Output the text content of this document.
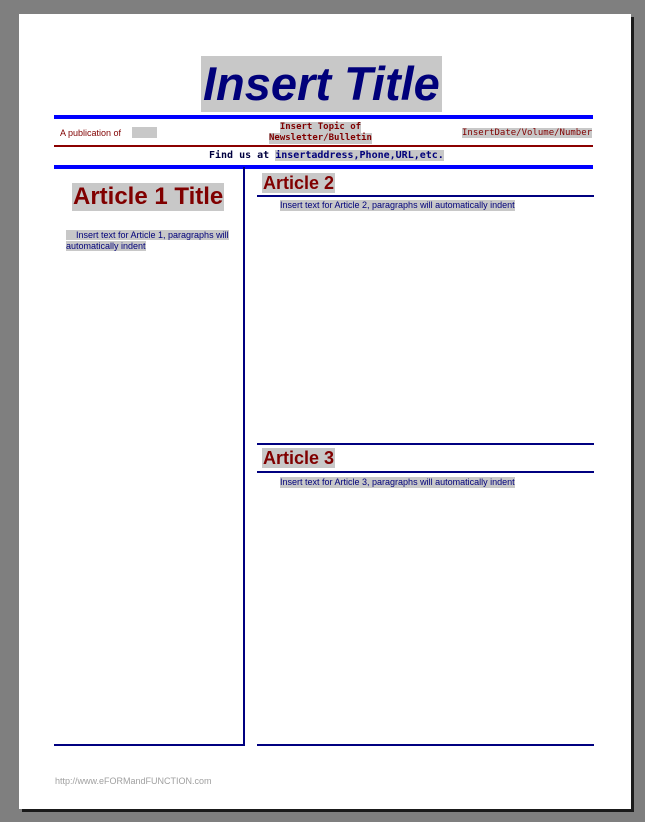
Insert Title
A publication of
Insert Topic of
Newsletter/Bulletin	InsertDate/Volume/Number
Find us at insertaddress,Phone,URL,etc.
Article 1 Title
Insert text for Article 1, paragraphs will automatically indent
Article 2
Insert text for Article 2, paragraphs will automatically indent
Article 3
Insert text for Article 3, paragraphs will automatically indent
http://www.eFORMandFUNCTION.com
